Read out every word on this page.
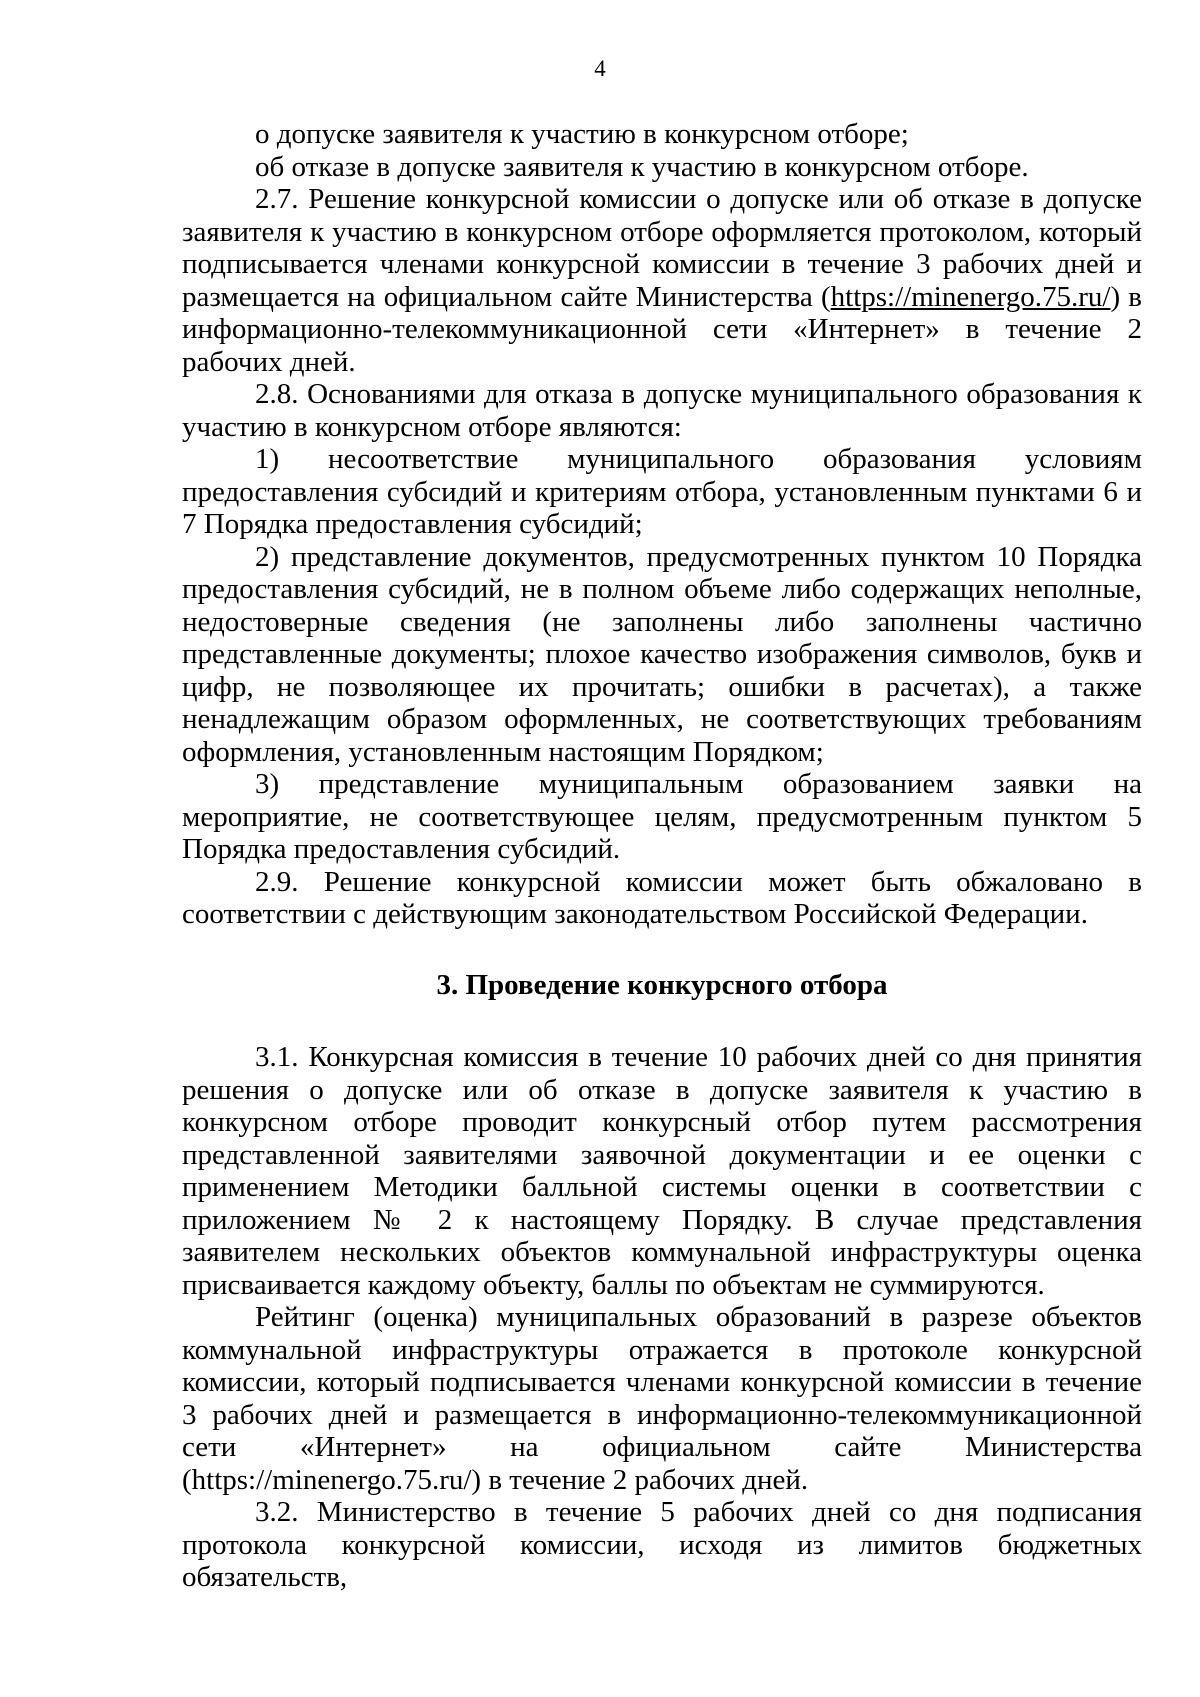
4

о допуске заявителя к участию в конкурсном отборе;

об отказе в допуске заявителя к участию в конкурсном отборе.

2.7. Решение конкурсной комиссии о допуске или об отказе в допуске заявителя к участию в конкурсном отборе оформляется протоколом, который подписывается членами конкурсной комиссии в течение 3 рабочих дней и размещается на официальном сайте Министерства (https://minenergo.75.ru/) в информационно-телекоммуникационной сети «Интернет» в течение 2 рабочих дней.

2.8. Основаниями для отказа в допуске муниципального образования к участию в конкурсном отборе являются:

1) несоответствие муниципального образования условиям предоставления субсидий и критериям отбора, установленным пунктами 6 и 7 Порядка предоставления субсидий;

2) представление документов, предусмотренных пунктом 10 Порядка предоставления субсидий, не в полном объеме либо содержащих неполные, недостоверные сведения (не заполнены либо заполнены частично представленные документы; плохое качество изображения символов, букв и цифр, не позволяющее их прочитать; ошибки в расчетах), а также ненадлежащим образом оформленных, не соответствующих требованиям оформления, установленным настоящим Порядком;

3) представление муниципальным образованием заявки на мероприятие, не соответствующее целям, предусмотренным пунктом 5 Порядка предоставления субсидий.

2.9. Решение конкурсной комиссии может быть обжаловано в соответствии с действующим законодательством Российской Федерации.

3. Проведение конкурсного отбора

3.1. Конкурсная комиссия в течение 10 рабочих дней со дня принятия решения о допуске или об отказе в допуске заявителя к участию в конкурсном отборе проводит конкурсный отбор путем рассмотрения представленной заявителями заявочной документации и ее оценки с применением Методики балльной системы оценки в соответствии с приложением № 2 к настоящему Порядку. В случае представления заявителем нескольких объектов коммунальной инфраструктуры оценка присваивается каждому объекту, баллы по объектам не суммируются.

Рейтинг (оценка) муниципальных образований в разрезе объектов коммунальной инфраструктуры отражается в протоколе конкурсной комиссии, который подписывается членами конкурсной комиссии в течение 3 рабочих дней и размещается в информационно-телекоммуникационной сети «Интернет» на официальном сайте Министерства (https://minenergo.75.ru/) в течение 2 рабочих дней.

3.2. Министерство в течение 5 рабочих дней со дня подписания протокола конкурсной комиссии, исходя из лимитов бюджетных обязательств,
